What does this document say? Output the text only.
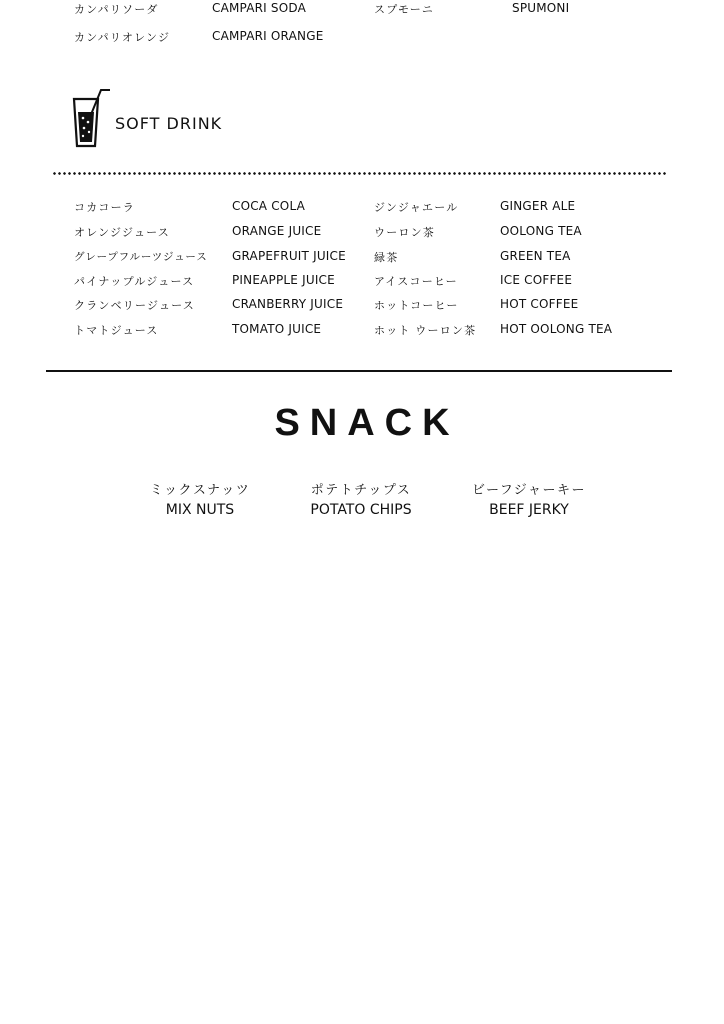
カンパリソーダ	CAMPARI SODA	スプモーニ	SPUMONI
カンパリオレンジ	CAMPARI ORANGE
SOFT DRINK
コカコーラ	COCA COLA	ジンジャエール	GINGER ALE
オレンジジュース	ORANGE JUICE	ウーロン茶	OOLONG TEA
グレープフルーツジュース GRAPEFRUIT JUICE	緑茶	GREEN TEA
パイナップルジュース	PINEAPPLE JUICE	アイスコーヒー	ICE COFFEE
クランベリージュース	CRANBERRY JUICE	ホットコーヒー	HOT COFFEE
トマトジュース	TOMATO JUICE	ホット ウーロン茶 HOT OOLONG TEA
SNACK
ミックスナッツ
MIX NUTS
ポテトチップス
POTATO CHIPS
ビーフジャーキー
BEEF JERKY
